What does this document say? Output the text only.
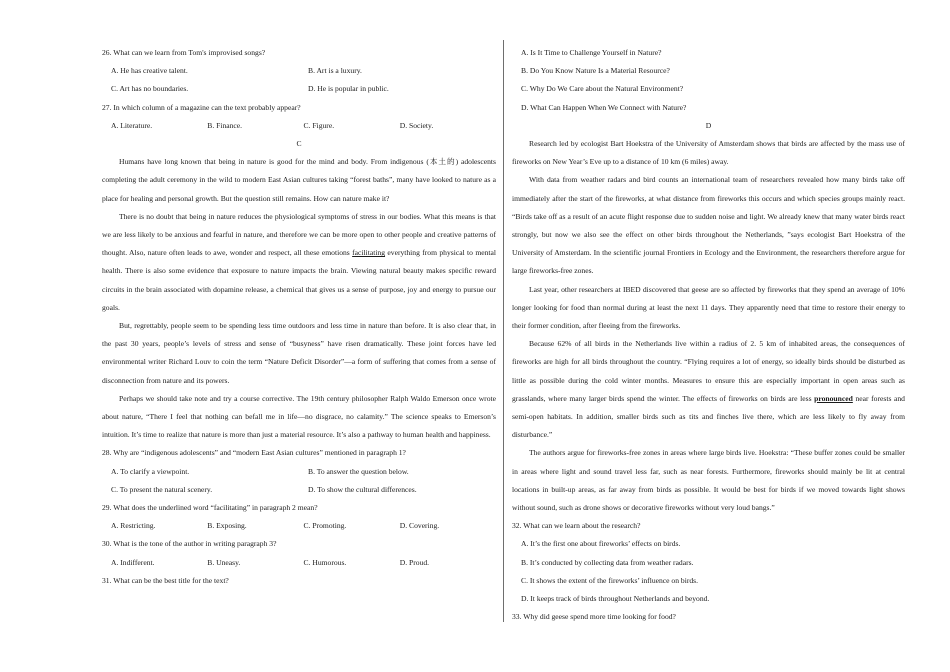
26. What can we learn from Tom's improvised songs?

A. He has creative talent.	B. Art is a luxury.
C. Art has no boundaries.	D. He is popular in public.

27. In which column of a magazine can the text probably appear?

A. Literature.	B. Finance.	C. Figure.	D. Society.
C

Humans have long known that being in nature is good for the mind and body. From indigenous (本土的) adolescents completing the adult ceremony in the wild to modern East Asian cultures taking “forest baths”, many have looked to nature as a place for healing and personal growth. But the question still remains. How can nature make it?

There is no doubt that being in nature reduces the physiological symptoms of stress in our bodies. What this means is that we are less likely to be anxious and fearful in nature, and therefore we can be more open to other people and creative patterns of thought. Also, nature often leads to awe, wonder and respect, all these emotions facilitating everything from physical to mental health. There is also some evidence that exposure to nature impacts the brain. Viewing natural beauty makes specific reward circuits in the brain associated with dopamine release, a chemical that gives us a sense of purpose, joy and energy to pursue our goals.

But, regrettably, people seem to be spending less time outdoors and less time in nature than before. It is also clear that, in the past 30 years, people’s levels of stress and sense of “busyness” have risen dramatically. These joint forces have led environmental writer Richard Louv to coin the term “Nature Deficit Disorder”—a form of suffering that comes from a sense of disconnection from nature and its powers.

Perhaps we should take note and try a course corrective. The 19th century philosopher Ralph Waldo Emerson once wrote about nature, “There I feel that nothing can befall me in life—no disgrace, no calamity.” The science speaks to Emerson’s intuition. It’s time to realize that nature is more than just a material resource. It’s also a pathway to human health and happiness.

28. Why are “indigenous adolescents” and “modern East Asian cultures” mentioned in paragraph 1?

A. To clarify a viewpoint.	B. To answer the question below.
C. To present the natural scenery.	D. To show the cultural differences.

29. What does the underlined word “facilitating” in paragraph 2 mean?

A. Restricting.	B. Exposing.	C. Promoting.	D. Covering.

30. What is the tone of the author in writing paragraph 3?

A. Indifferent.	B. Uneasy.	C. Humorous.	D. Proud.

31. What can be the best title for the text?

A. Is It Time to Challenge Yourself in Nature?
B. Do You Know Nature Is a Material Resource?
C. Why Do We Care about the Natural Environment?
D. What Can Happen When We Connect with Nature?
D

Research led by ecologist Bart Hoekstra of the University of Amsterdam shows that birds are affected by the mass use of fireworks on New Year’s Eve up to a distance of 10 km (6 miles) away.

With data from weather radars and bird counts an international team of researchers revealed how many birds take off immediately after the start of the fireworks, at what distance from fireworks this occurs and which species groups mainly react. “Birds take off as a result of an acute flight response due to sudden noise and light. We already knew that many water birds react strongly, but now we also see the effect on other birds throughout the Netherlands, ”says ecologist Bart Hoekstra of the University of Amsterdam. In the scientific journal Frontiers in Ecology and the Environment, the researchers therefore argue for large fireworks-free zones.

Last year, other researchers at IBED discovered that geese are so affected by fireworks that they spend an average of 10% longer looking for food than normal during at least the next 11 days. They apparently need that time to restore their energy to their former condition, after fleeing from the fireworks.

Because 62% of all birds in the Netherlands live within a radius of 2. 5 km of inhabited areas, the consequences of fireworks are high for all birds throughout the country. “Flying requires a lot of energy, so ideally birds should be disturbed as little as possible during the cold winter months. Measures to ensure this are especially important in open areas such as grasslands, where many larger birds spend the winter. The effects of fireworks on birds are less pronounced near forests and semi-open habitats. In addition, smaller birds such as tits and finches live there, which are less likely to fly away from disturbance.”

The authors argue for fireworks-free zones in areas where large birds live. Hoekstra: “These buffer zones could be smaller in areas where light and sound travel less far, such as near forests. Furthermore, fireworks should mainly be lit at central locations in built-up areas, as far away from birds as possible. It would be best for birds if we moved towards light shows without sound, such as drone shows or decorative fireworks without very loud bangs.”

32. What can we learn about the research?

A. It’s the first one about fireworks’ effects on birds.
B. It’s conducted by collecting data from weather radars.
C. It shows the extent of the fireworks’ influence on birds.
D. It keeps track of birds throughout Netherlands and beyond.

33. Why did geese spend more time looking for food?
